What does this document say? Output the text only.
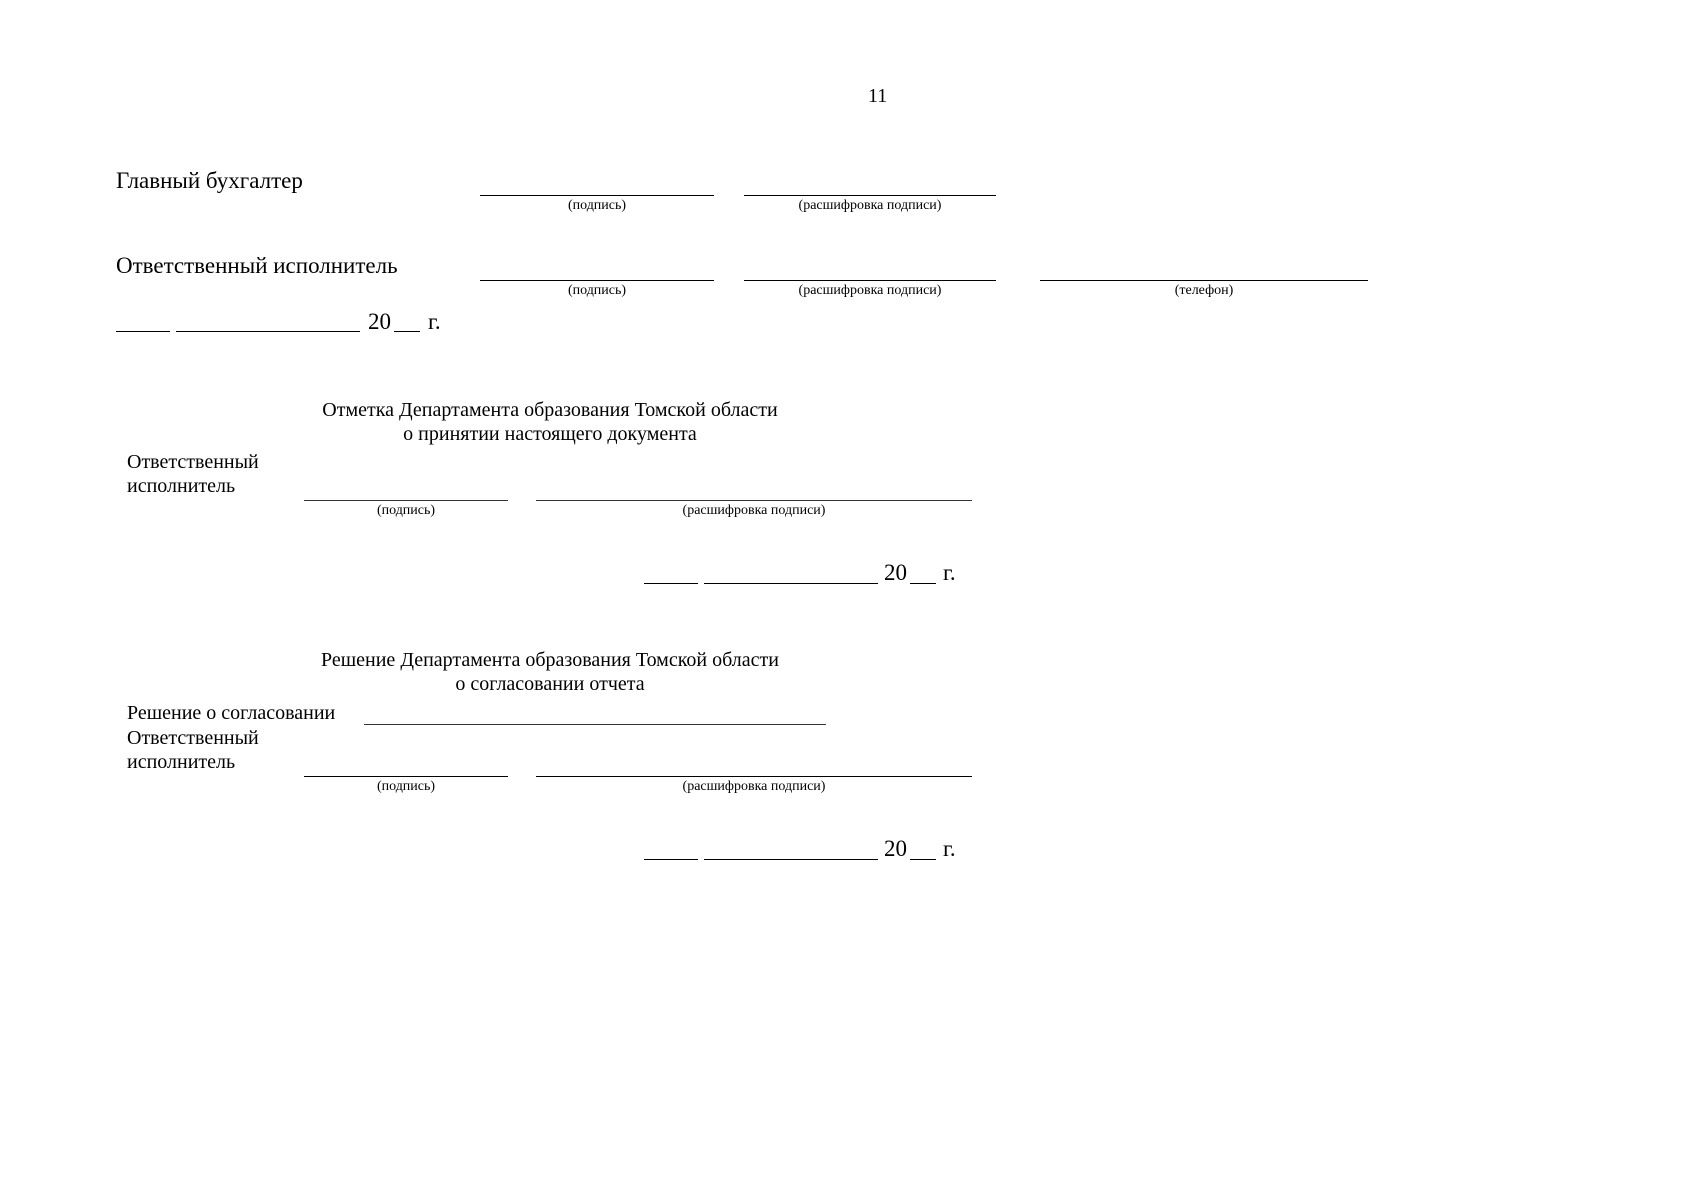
11
Главный бухгалтер
(подпись)	(расшифровка подписи)
Ответственный исполнитель
(подпись)	(расшифровка подписи)	(телефон)
20 г.
Отметка Департамента образования Томской области
о принятии настоящего документа
Ответственный
исполнитель
(подпись)	(расшифровка подписи)
20 г.
Решение Департамента образования Томской области
о согласовании отчета
Решение о согласовании
Ответственный
исполнитель
(подпись)	(расшифровка подписи)
20 г.
